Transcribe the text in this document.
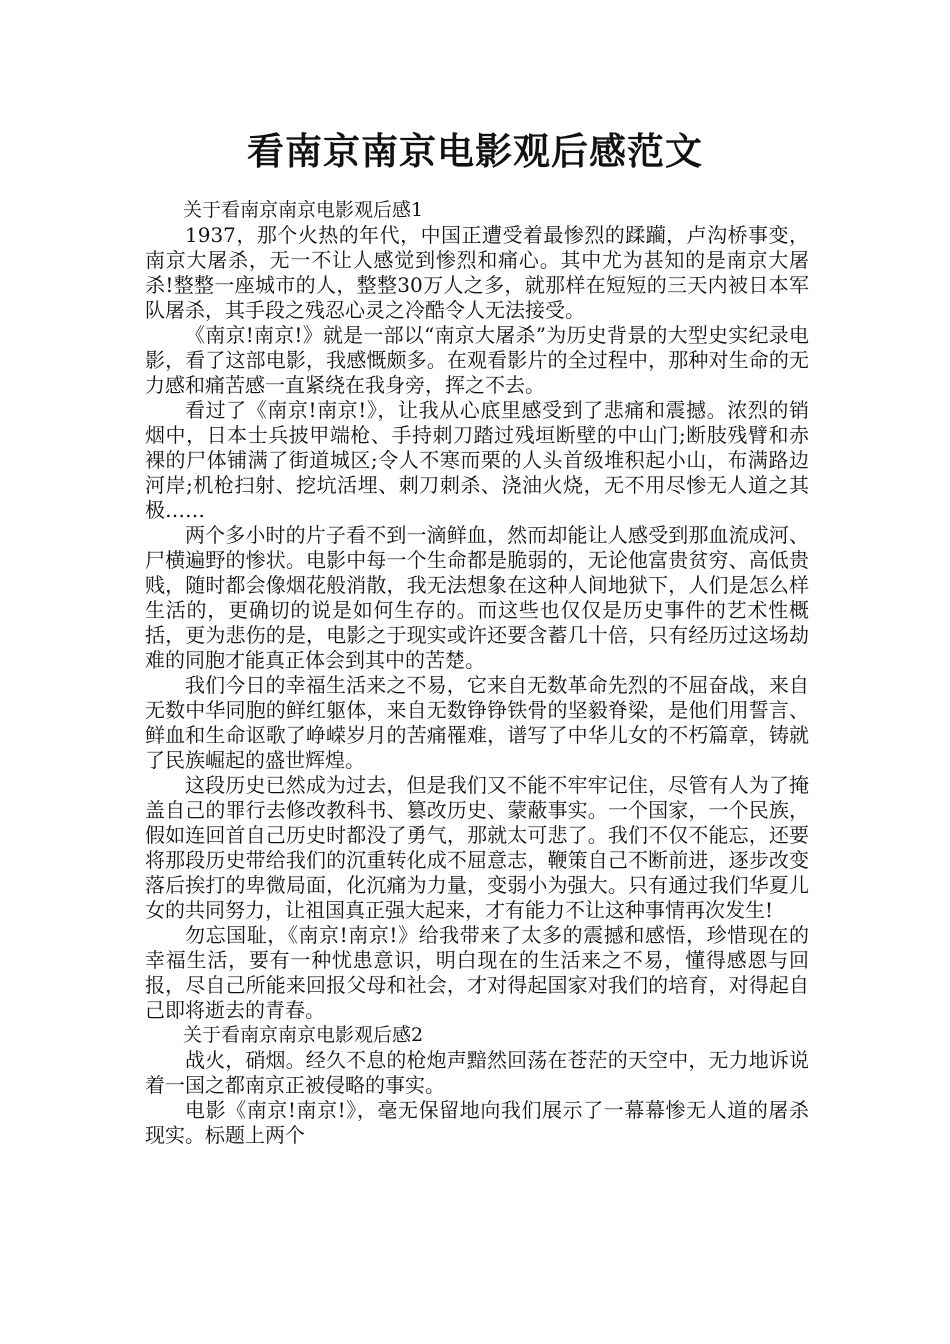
看南京南京电影观后感范文

关于看南京南京电影观后感1

1937，那个火热的年代，中国正遭受着最惨烈的蹂躏，卢沟桥事变，南京大屠杀，无一不让人感觉到惨烈和痛心。其中尤为甚知的是南京大屠杀!整整一座城市的人，整整30万人之多，就那样在短短的三天内被日本军队屠杀，其手段之残忍心灵之冷酷令人无法接受。

《南京!南京!》就是一部以“南京大屠杀”为历史背景的大型史实纪录电影，看了这部电影，我感慨颇多。在观看影片的全过程中，那种对生命的无力感和痛苦感一直紧绕在我身旁，挥之不去。

看过了《南京!南京!》，让我从心底里感受到了悲痛和震撼。浓烈的销烟中，日本士兵披甲端枪、手持刺刀踏过残垣断壁的中山门;断肢残臂和赤裸的尸体铺满了街道城区;令人不寒而栗的人头首级堆积起小山，布满路边河岸;机枪扫射、挖坑活埋、刺刀刺杀、浇油火烧，无不用尽惨无人道之其极……

两个多小时的片子看不到一滴鲜血，然而却能让人感受到那血流成河、尸横遍野的惨状。电影中每一个生命都是脆弱的，无论他富贵贫穷、高低贵贱，随时都会像烟花般消散，我无法想象在这种人间地狱下，人们是怎么样生活的，更确切的说是如何生存的。而这些也仅仅是历史事件的艺术性概括，更为悲伤的是，电影之于现实或许还要含蓄几十倍，只有经历过这场劫难的同胞才能真正体会到其中的苦楚。

我们今日的幸福生活来之不易，它来自无数革命先烈的不屈奋战，来自无数中华同胞的鲜红躯体，来自无数铮铮铁骨的坚毅脊梁，是他们用誓言、鲜血和生命讴歌了峥嵘岁月的苦痛罹难，谱写了中华儿女的不朽篇章，铸就了民族崛起的盛世辉煌。

这段历史已然成为过去，但是我们又不能不牢牢记住，尽管有人为了掩盖自己的罪行去修改教科书、篡改历史、蒙蔽事实。一个国家，一个民族，假如连回首自己历史时都没了勇气，那就太可悲了。我们不仅不能忘，还要将那段历史带给我们的沉重转化成不屈意志，鞭策自己不断前进，逐步改变落后挨打的卑微局面，化沉痛为力量，变弱小为强大。只有通过我们华夏儿女的共同努力，让祖国真正强大起来，才有能力不让这种事情再次发生!

勿忘国耻，《南京!南京!》给我带来了太多的震撼和感悟，珍惜现在的幸福生活，要有一种忧患意识，明白现在的生活来之不易，懂得感恩与回报，尽自己所能来回报父母和社会，才对得起国家对我们的培育，对得起自己即将逝去的青春。

关于看南京南京电影观后感2

战火，硝烟。经久不息的枪炮声黯然回荡在苍茫的天空中，无力地诉说着一国之都南京正被侵略的事实。

电影《南京!南京!》，毫无保留地向我们展示了一幕幕惨无人道的屠杀现实。标题上两个
